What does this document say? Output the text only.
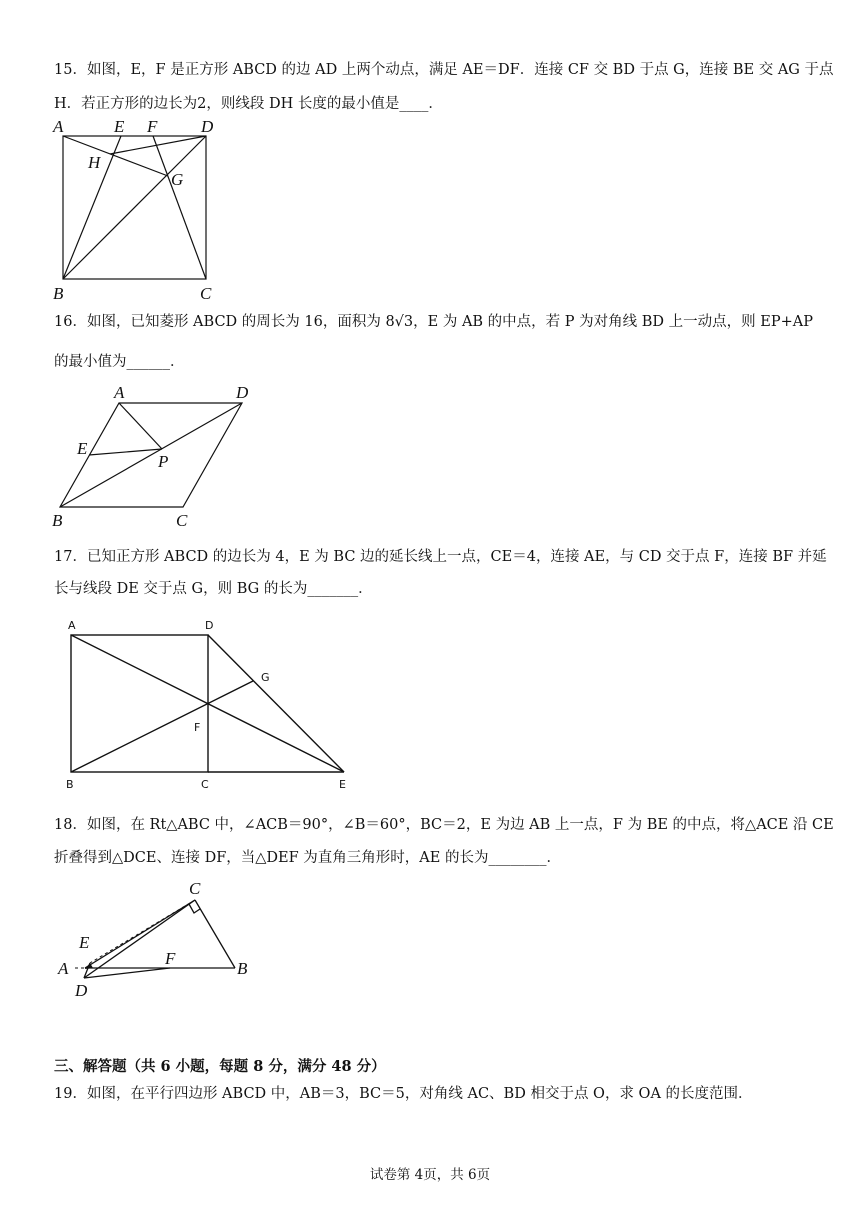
15．如图，E，F 是正方形 ABCD 的边 AD 上两个动点，满足 AE＝DF．连接 CF 交 BD 于点 G，连接 BE 交 AG 于点
H．若正方形的边长为2，则线段 DH 长度的最小值是____．
A	E F	D
H
G
B	C
16．如图，已知菱形 ABCD 的周长为 16，面积为 8√3，E 为 AB 的中点，若 P 为对角线 BD 上一动点，则 EP+AP
的最小值为______．
A	D
E
P
B	C
17．已知正方形 ABCD 的边长为 4，E 为 BC 边的延长线上一点，CE＝4，连接 AE，与 CD 交于点 F，连接 BF 并延
长与线段 DE 交于点 G，则 BG 的长为_______．
A	D
G
F
B	C	E
18．如图，在 Rt△ABC 中，∠ACB＝90°，∠B＝60°，BC＝2，E 为边 AB 上一点，F 为 BE 的中点，将△ACE 沿 CE
折叠得到△DCE、连接 DF，当△DEF 为直角三角形时，AE 的长为________．
C
E
A
F
B
D
三、解答题（共 6 小题，每题 8 分，满分 48 分）
19．如图，在平行四边形 ABCD 中，AB＝3，BC＝5，对角线 AC、BD 相交于点 O，求 OA 的长度范围．
试卷第 4页，共 6页
